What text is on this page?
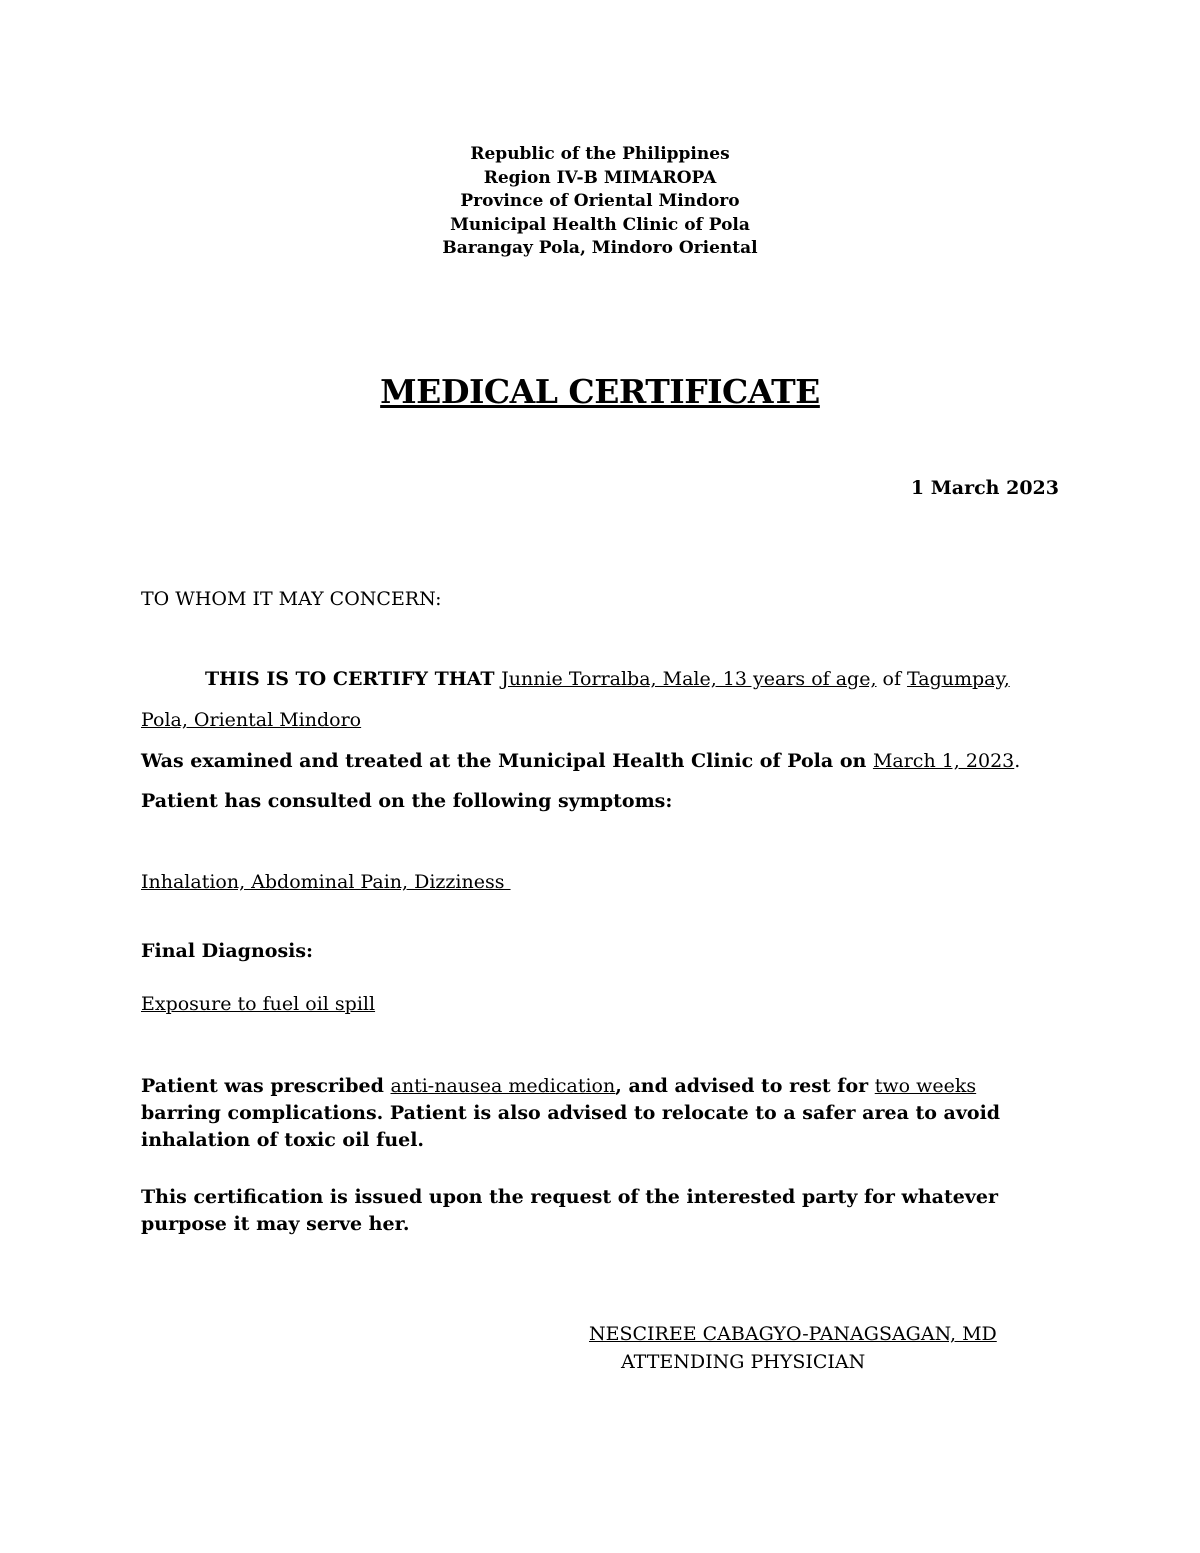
Republic of the Philippines
Region IV-B MIMAROPA
Province of Oriental Mindoro
Municipal Health Clinic of Pola
Barangay Pola, Mindoro Oriental
MEDICAL CERTIFICATE
1 March 2023
TO WHOM IT MAY CONCERN:
THIS IS TO CERTIFY THAT Junnie Torralba, Male, 13 years of age, of Tagumpay,
Pola, Oriental Mindoro
Was examined and treated at the Municipal Health Clinic of Pola on March 1, 2023.
Patient has consulted on the following symptoms:
Inhalation, Abdominal Pain, Dizziness
Final Diagnosis:
Exposure to fuel oil spill
Patient was prescribed anti-nausea medication, and advised to rest for two weeks barring complications. Patient is also advised to relocate to a safer area to avoid inhalation of toxic oil fuel.
This certification is issued upon the request of the interested party for whatever purpose it may serve her.
NESCIREE CABAGYO-PANAGSAGAN, MD
ATTENDING PHYSICIAN
